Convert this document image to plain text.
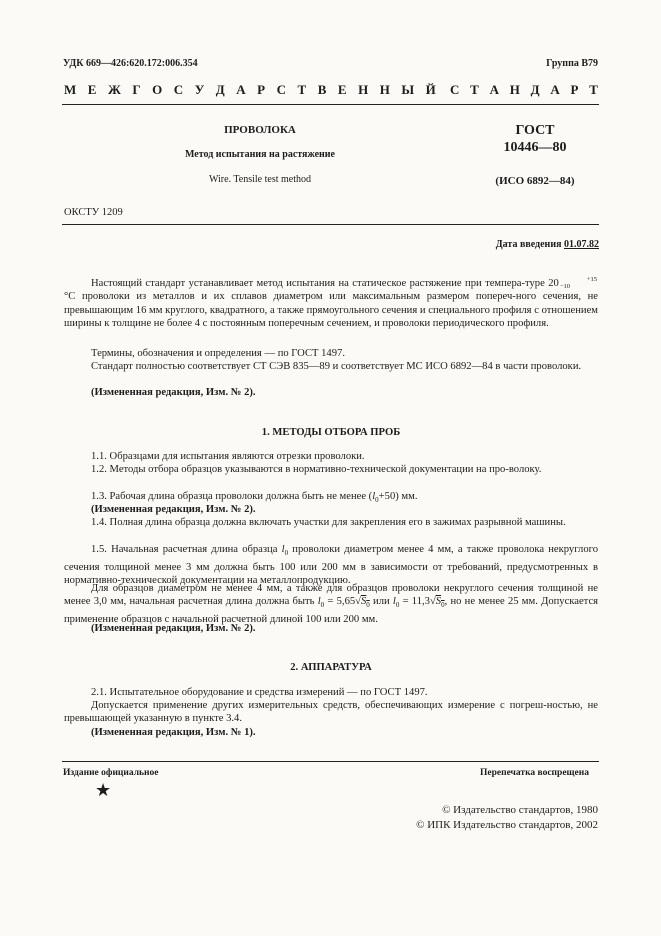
УДК 669—426:620.172:006.354	Группа В79
М Е Ж Г О С У Д А Р С Т В Е Н Н Ы Й С Т А Н Д А Р Т
ПРОВОЛОКА
Метод испытания на растяжение
Wire. Tensile test method
ГОСТ
10446—80
(ИСО 6892—84)
ОКСТУ 1209
Дата введения 01.07.82

Настоящий стандарт устанавливает метод испытания на статическое растяжение при темпера-туре 20	+15
−10 °С проволоки из металлов и их сплавов диаметром или максимальным размером попереч-ного сечения, не превышающим 16 мм круглого, квадратного, а также прямоугольного сечения и специального профиля с отношением ширины к толщине не более 4 с постоянным поперечным сечением, и проволоки периодического профиля.

Термины, обозначения и определения — по ГОСТ 1497.

Стандарт полностью соответствует СТ СЭВ 835—89 и соответствует МС ИСО 6892—84 в части проволоки.

(Измененная редакция, Изм. № 2).

1. МЕТОДЫ ОТБОРА ПРОБ

1.1. Образцами для испытания являются отрезки проволоки.

1.2. Методы отбора образцов указываются в нормативно-технической документации на про-волоку.

1.3. Рабочая длина образца проволоки должна быть не менее $(l_0+50)$ мм.

(Измененная редакция, Изм. № 2).

1.4. Полная длина образца должна включать участки для закрепления его в зажимах разрывной машины.

1.5. Начальная расчетная длина образца $l_0$ проволоки диаметром менее 4 мм, а также проволока некруглого сечения толщиной менее 3 мм должна быть 100 или 200 мм в зависимости от требований, предусмотренных в нормативно-технической документации на металлопродукцию.

Для образцов диаметром не менее 4 мм, а также для образцов проволоки некруглого сечения толщиной не менее 3,0 мм, начальная расчетная длина должна быть $l_0 = 5,65√S_0$ или $l_0 = 11,3√S_0$, но не менее 25 мм. Допускается применение образцов с начальной расчетной длиной 100 или 200 мм.

(Измененная редакция, Изм. № 2).

2. АППАРАТУРА

2.1. Испытательное оборудование и средства измерений — по ГОСТ 1497.

Допускается применение других измерительных средств, обеспечивающих измерение с погреш-ностью, не превышающей указанную в пункте 3.4.

(Измененная редакция, Изм. № 1).

Издание официальное	Перепечатка воспрещена
★
© Издательство стандартов, 1980
© ИПК Издательство стандартов, 2002
